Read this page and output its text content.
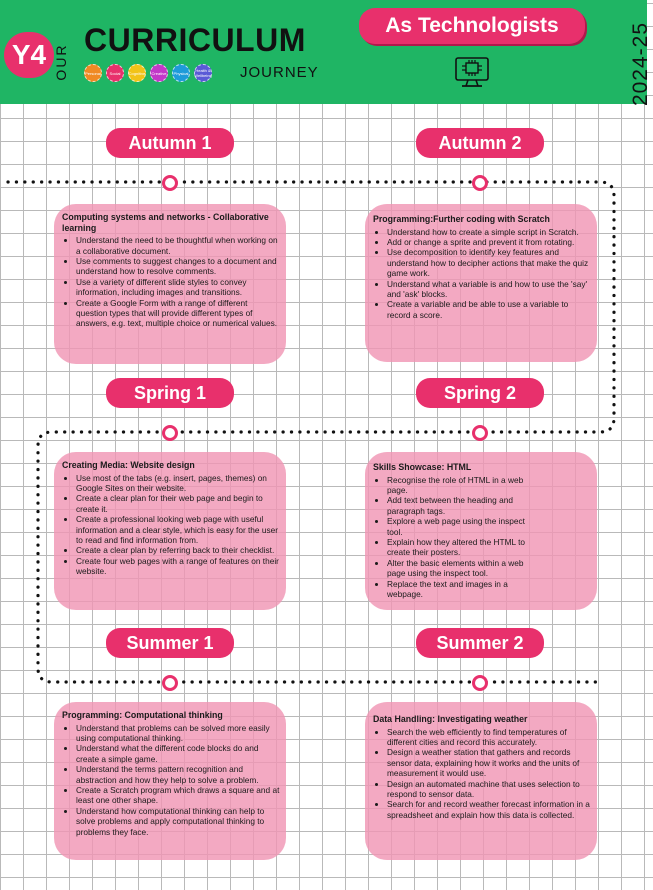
Y4 OUR
CURRICULUM
Personal	Social	Cognitive	Creative	Physical	Health & Wellbeing JOURNEY
As Technologists	2024-25
Autumn 1	Autumn 2
Spring 1	Spring 2
Summer 1	Summer 2
Computing systems and networks - Collaborative learning
• Understand the need to be thoughtful when working on a collaborative document.
• Use comments to suggest changes to a document and understand how to resolve comments.
• Use a variety of different slide styles to convey information, including images and transitions.
• Create a Google Form with a range of different question types that will provide different types of answers, e.g. text, multiple choice or numerical values.
Programming:Further coding with Scratch
• Understand how to create a simple script in Scratch.
• Add or change a sprite and prevent it from rotating.
• Use decomposition to identify key features and understand how to decipher actions that make the quiz game work.
• Understand what a variable is and how to use the 'say' and 'ask' blocks.
• Create a variable and be able to use a variable to record a score.
Creating Media: Website design
• Use most of the tabs (e.g. insert, pages, themes) on Google Sites on their website.
• Create a clear plan for their web page and begin to create it.
• Create a professional looking web page with useful information and a clear style, which is easy for the user to read and find information from.
• Create a clear plan by referring back to their checklist.
• Create four web pages with a range of features on their website.
Skills Showcase: HTML
• Recognise the role of HTML in a web page.
• Add text between the heading and paragraph tags.
• Explore a web page using the inspect tool.
• Explain how they altered the HTML to create their posters.
• Alter the basic elements within a web page using the inspect tool.
• Replace the text and images in a webpage.
Programming: Computational thinking
• Understand that problems can be solved more easily using computational thinking.
• Understand what the different code blocks do and create a simple game.
• Understand the terms pattern recognition and abstraction and how they help to solve a problem.
• Create a Scratch program which draws a square and at least one other shape.
• Understand how computational thinking can help to solve problems and apply computational thinking to problems they face.
Data Handling: Investigating weather
• Search the web efficiently to find temperatures of different cities and record this accurately.
• Design a weather station that gathers and records sensor data, explaining how it works and the units of measurement it would use.
• Design an automated machine that uses selection to respond to sensor data.
• Search for and record weather forecast information in a spreadsheet and explain how this data is collected.
